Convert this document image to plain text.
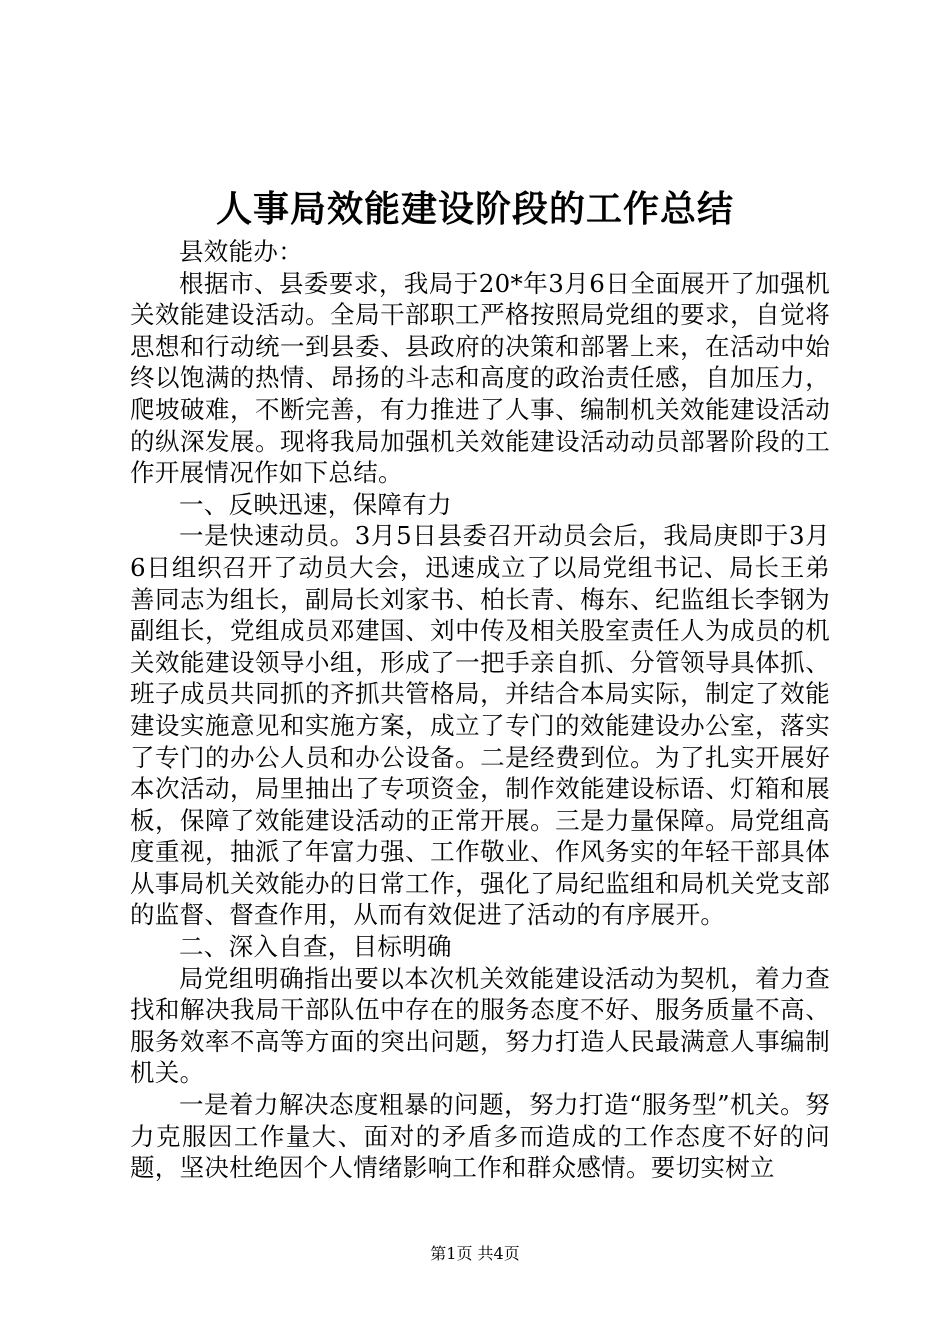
人事局效能建设阶段的工作总结

县效能办：

根据市、县委要求，我局于20*年3月6日全面展开了加强机关效能建设活动。全局干部职工严格按照局党组的要求，自觉将思想和行动统一到县委、县政府的决策和部署上来，在活动中始终以饱满的热情、昂扬的斗志和高度的政治责任感，自加压力，爬坡破难，不断完善，有力推进了人事、编制机关效能建设活动的纵深发展。现将我局加强机关效能建设活动动员部署阶段的工作开展情况作如下总结。

一、反映迅速，保障有力

一是快速动员。3月5日县委召开动员会后，我局庚即于3月6日组织召开了动员大会，迅速成立了以局党组书记、局长王弟善同志为组长，副局长刘家书、柏长青、梅东、纪监组长李钢为副组长，党组成员邓建国、刘中传及相关股室责任人为成员的机关效能建设领导小组，形成了一把手亲自抓、分管领导具体抓、班子成员共同抓的齐抓共管格局，并结合本局实际，制定了效能建设实施意见和实施方案，成立了专门的效能建设办公室，落实了专门的办公人员和办公设备。二是经费到位。为了扎实开展好本次活动，局里抽出了专项资金，制作效能建设标语、灯箱和展板，保障了效能建设活动的正常开展。三是力量保障。局党组高度重视，抽派了年富力强、工作敬业、作风务实的年轻干部具体从事局机关效能办的日常工作，强化了局纪监组和局机关党支部的监督、督查作用，从而有效促进了活动的有序展开。

二、深入自查，目标明确

局党组明确指出要以本次机关效能建设活动为契机，着力查找和解决我局干部队伍中存在的服务态度不好、服务质量不高、服务效率不高等方面的突出问题，努力打造人民最满意人事编制机关。

一是着力解决态度粗暴的问题，努力打造“服务型”机关。努力克服因工作量大、面对的矛盾多而造成的工作态度不好的问题，坚决杜绝因个人情绪影响工作和群众感情。要切实树立

第1页 共4页
